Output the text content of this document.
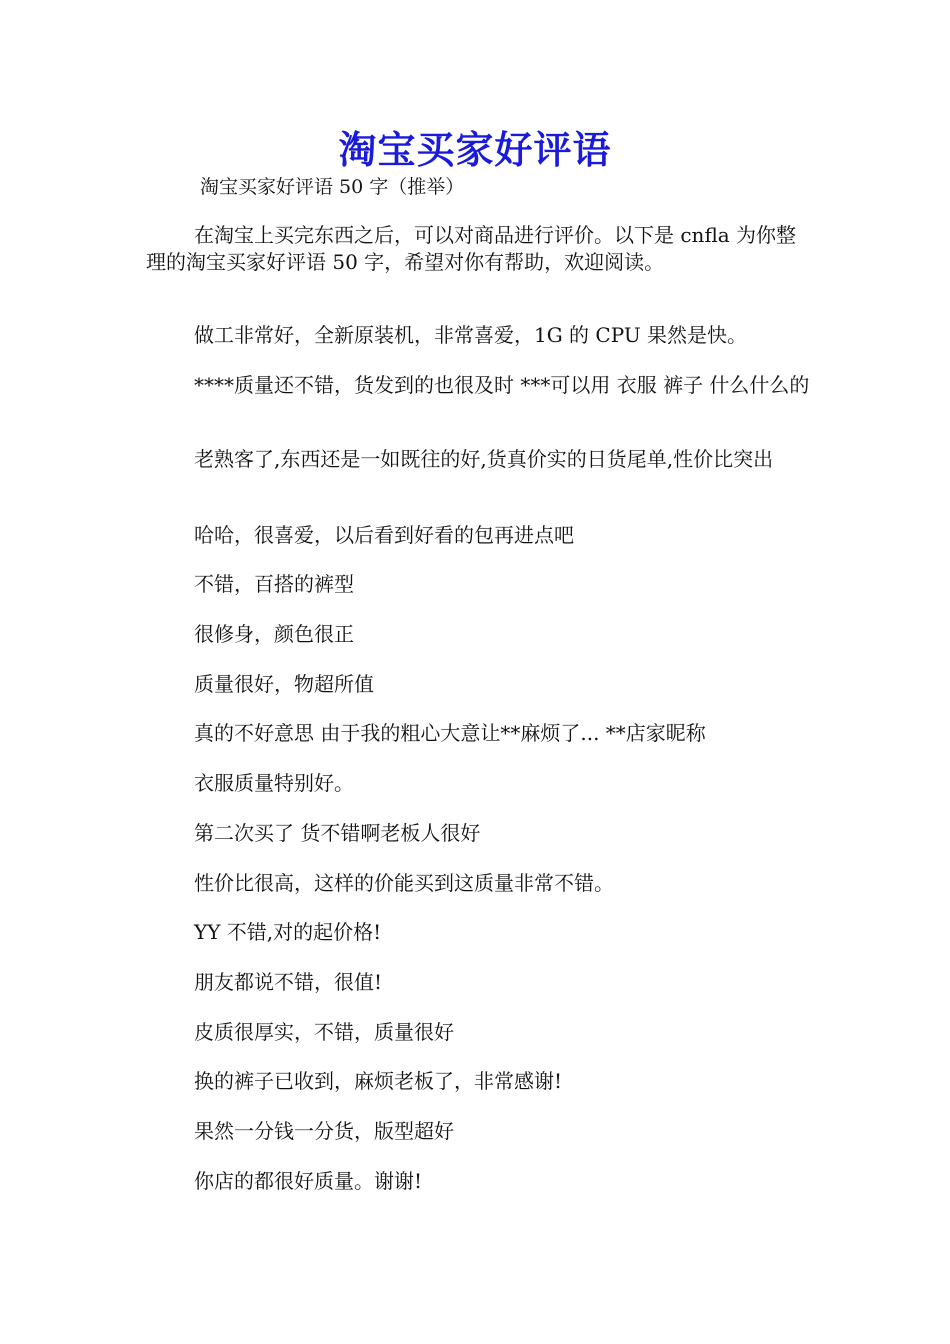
淘宝买家好评语
淘宝买家好评语 50 字（推举）
在淘宝上买完东西之后，可以对商品进行评价。以下是 cnfla 为你整理的淘宝买家好评语 50 字，希望对你有帮助，欢迎阅读。
做工非常好，全新原装机，非常喜爱，1G 的 CPU 果然是快。
****质量还不错，货发到的也很及时 ***可以用 衣服 裤子 什么什么的
老熟客了,东西还是一如既往的好,货真价实的日货尾单,性价比突出
哈哈，很喜爱，以后看到好看的包再进点吧
不错，百搭的裤型
很修身，颜色很正
质量很好，物超所值
真的不好意思 由于我的粗心大意让**麻烦了... **店家昵称
衣服质量特别好。
第二次买了 货不错啊老板人很好
性价比很高，这样的价能买到这质量非常不错。
YY 不错,对的起价格!
朋友都说不错，很值!
皮质很厚实，不错，质量很好
换的裤子已收到，麻烦老板了，非常感谢!
果然一分钱一分货，版型超好
你店的都很好质量。谢谢!
